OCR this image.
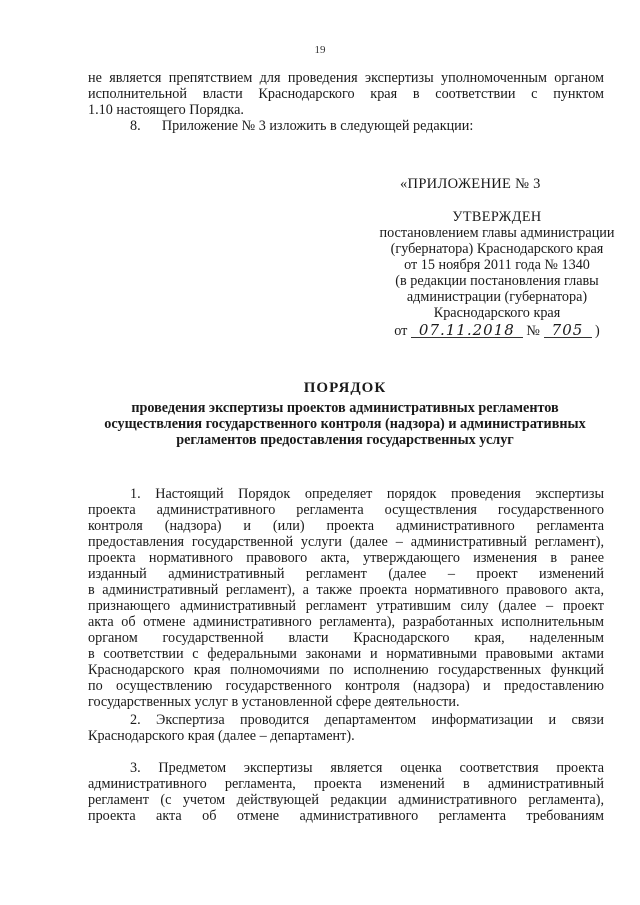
19
не является препятствием для проведения экспертизы уполномоченным органом
исполнительной власти Краснодарского края в соответствии с пунктом
1.10 настоящего Порядка.
8.      Приложение № 3 изложить в следующей редакции:
«ПРИЛОЖЕНИЕ № 3
УТВЕРЖДЕН
постановлением главы администрации
(губернатора) Краснодарского края
от 15 ноября 2011 года № 1340
(в редакции постановления главы
администрации (губернатора)
Краснодарского края
от 07.11.2018 № 705 )
ПОРЯДОК
проведения экспертизы проектов административных регламентов
осуществления государственного контроля (надзора) и административных
регламентов предоставления государственных услуг
1. Настоящий Порядок определяет порядок проведения экспертизы
проекта административного регламента осуществления государственного
контроля (надзора) и (или) проекта административного регламента
предоставления государственной услуги (далее – административный регламент),
проекта нормативного правового акта, утверждающего изменения в ранее
изданный административный регламент (далее – проект изменений
в административный регламент), а также проекта нормативного правового акта,
признающего административный регламент утратившим силу (далее – проект
акта об отмене административного регламента), разработанных исполнительным
органом государственной власти Краснодарского края, наделенным
в соответствии с федеральными законами и нормативными правовыми актами
Краснодарского края полномочиями по исполнению государственных функций
по осуществлению государственного контроля (надзора) и предоставлению
государственных услуг в установленной сфере деятельности.
2. Экспертиза проводится департаментом информатизации и связи
Краснодарского края (далее – департамент).
3. Предметом экспертизы является оценка соответствия проекта
административного регламента, проекта изменений в административный
регламент (с учетом действующей редакции административного регламента),
проекта акта об отмене административного регламента требованиям
